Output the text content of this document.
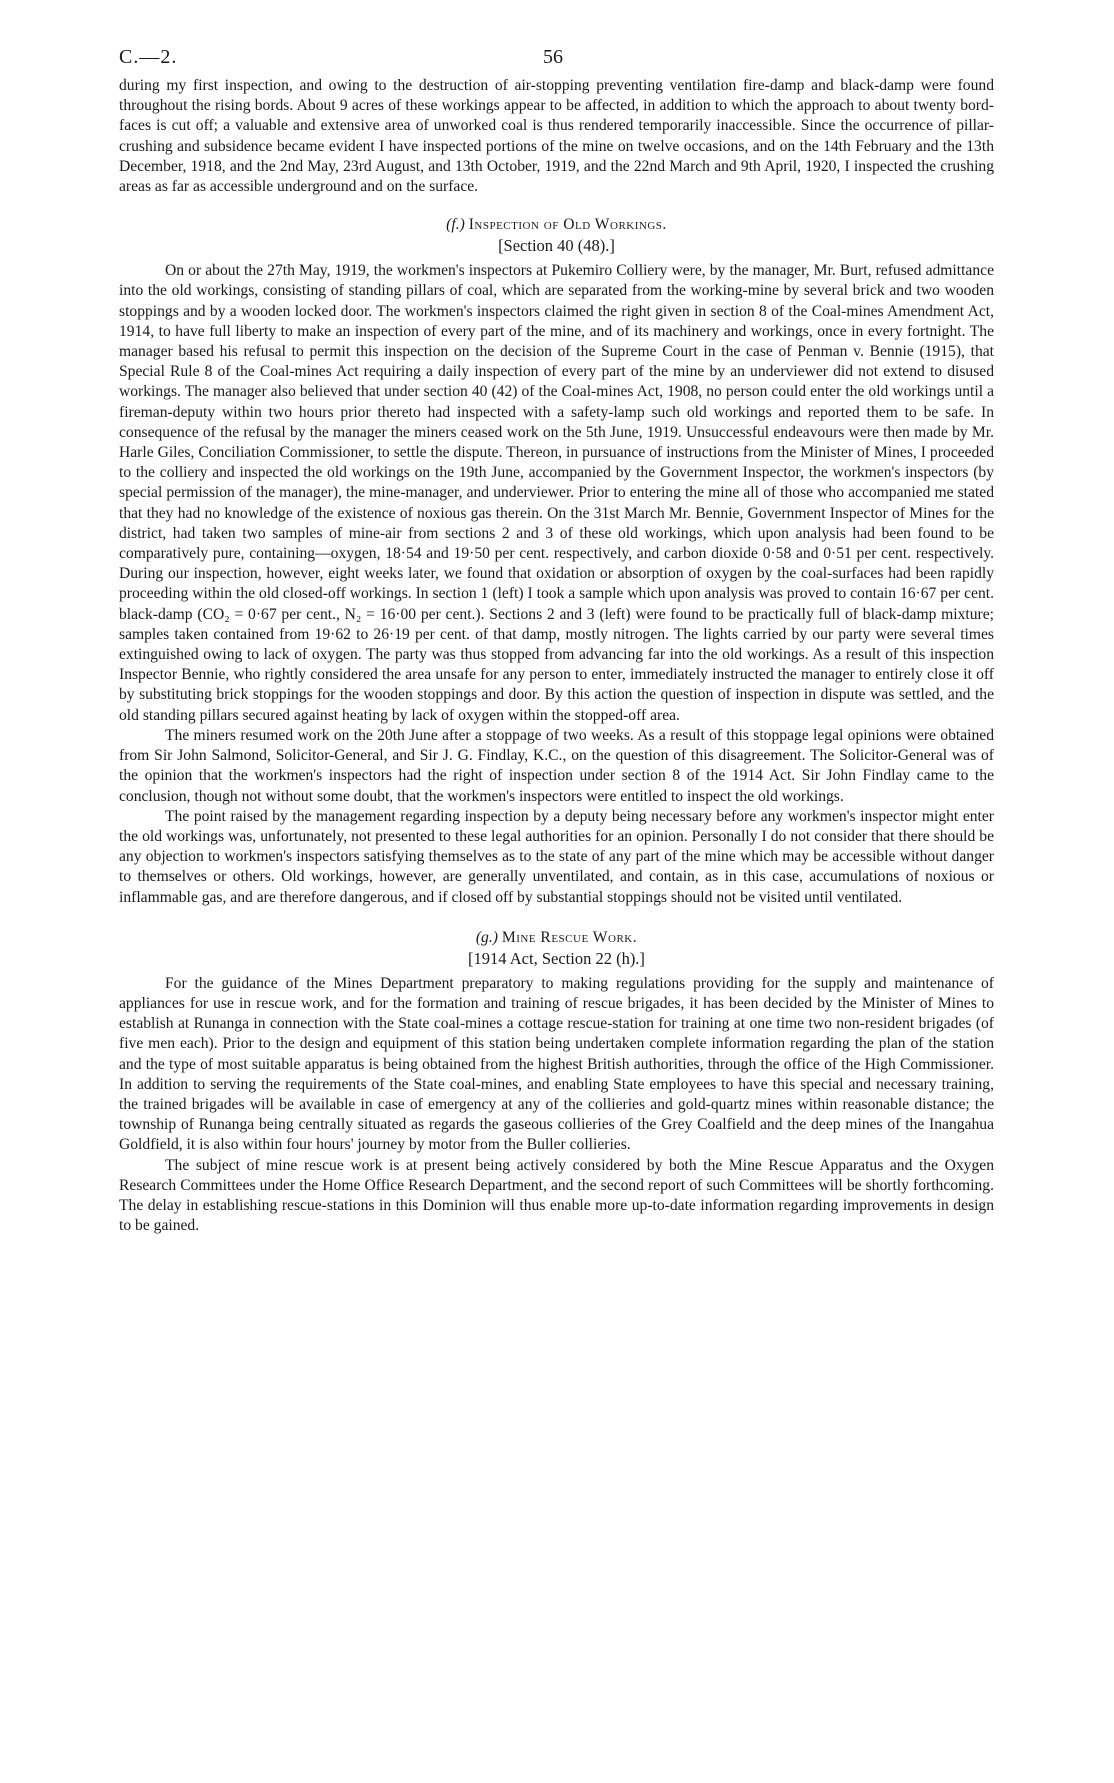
C.—2.	56

during my first inspection, and owing to the destruction of air-stopping preventing ventilation fire-damp and black-damp were found throughout the rising bords. About 9 acres of these workings appear to be affected, in addition to which the approach to about twenty bord-faces is cut off; a valuable and extensive area of unworked coal is thus rendered temporarily inaccessible. Since the occurrence of pillar-crushing and subsidence became evident I have inspected portions of the mine on twelve occasions, and on the 14th February and the 13th December, 1918, and the 2nd May, 23rd August, and 13th October, 1919, and the 22nd March and 9th April, 1920, I inspected the crushing areas as far as accessible underground and on the surface.

(f.) Inspection of Old Workings.
[Section 40 (48).]

On or about the 27th May, 1919, the workmen's inspectors at Pukemiro Colliery were, by the manager, Mr. Burt, refused admittance into the old workings, consisting of standing pillars of coal, which are separated from the working-mine by several brick and two wooden stoppings and by a wooden locked door. The workmen's inspectors claimed the right given in section 8 of the Coal-mines Amendment Act, 1914, to have full liberty to make an inspection of every part of the mine, and of its machinery and workings, once in every fortnight. The manager based his refusal to permit this inspection on the decision of the Supreme Court in the case of Penman v. Bennie (1915), that Special Rule 8 of the Coal-mines Act requiring a daily inspection of every part of the mine by an underviewer did not extend to disused workings. The manager also believed that under section 40 (42) of the Coal-mines Act, 1908, no person could enter the old workings until a fireman-deputy within two hours prior thereto had inspected with a safety-lamp such old workings and reported them to be safe. In consequence of the refusal by the manager the miners ceased work on the 5th June, 1919. Unsuccessful endeavours were then made by Mr. Harle Giles, Conciliation Commissioner, to settle the dispute. Thereon, in pursuance of instructions from the Minister of Mines, I proceeded to the colliery and inspected the old workings on the 19th June, accompanied by the Government Inspector, the workmen's inspectors (by special permission of the manager), the mine-manager, and underviewer. Prior to entering the mine all of those who accompanied me stated that they had no knowledge of the existence of noxious gas therein. On the 31st March Mr. Bennie, Government Inspector of Mines for the district, had taken two samples of mine-air from sections 2 and 3 of these old workings, which upon analysis had been found to be comparatively pure, containing—oxygen, 18·54 and 19·50 per cent. respectively, and carbon dioxide 0·58 and 0·51 per cent. respectively. During our inspection, however, eight weeks later, we found that oxidation or absorption of oxygen by the coal-surfaces had been rapidly proceeding within the old closed-off workings. In section 1 (left) I took a sample which upon analysis was proved to contain 16·67 per cent. black-damp (CO₂ = 0·67 per cent., N₂ = 16·00 per cent.). Sections 2 and 3 (left) were found to be practically full of black-damp mixture; samples taken contained from 19·62 to 26·19 per cent. of that damp, mostly nitrogen. The lights carried by our party were several times extinguished owing to lack of oxygen. The party was thus stopped from advancing far into the old workings. As a result of this inspection Inspector Bennie, who rightly considered the area unsafe for any person to enter, immediately instructed the manager to entirely close it off by substituting brick stoppings for the wooden stoppings and door. By this action the question of inspection in dispute was settled, and the old standing pillars secured against heating by lack of oxygen within the stopped-off area.

The miners resumed work on the 20th June after a stoppage of two weeks. As a result of this stoppage legal opinions were obtained from Sir John Salmond, Solicitor-General, and Sir J. G. Findlay, K.C., on the question of this disagreement. The Solicitor-General was of the opinion that the workmen's inspectors had the right of inspection under section 8 of the 1914 Act. Sir John Findlay came to the conclusion, though not without some doubt, that the workmen's inspectors were entitled to inspect the old workings.

The point raised by the management regarding inspection by a deputy being necessary before any workmen's inspector might enter the old workings was, unfortunately, not presented to these legal authorities for an opinion. Personally I do not consider that there should be any objection to workmen's inspectors satisfying themselves as to the state of any part of the mine which may be accessible without danger to themselves or others. Old workings, however, are generally unventilated, and contain, as in this case, accumulations of noxious or inflammable gas, and are therefore dangerous, and if closed off by substantial stoppings should not be visited until ventilated.

(g.) Mine Rescue Work.
[1914 Act, Section 22 (h).]

For the guidance of the Mines Department preparatory to making regulations providing for the supply and maintenance of appliances for use in rescue work, and for the formation and training of rescue brigades, it has been decided by the Minister of Mines to establish at Runanga in connection with the State coal-mines a cottage rescue-station for training at one time two non-resident brigades (of five men each). Prior to the design and equipment of this station being undertaken complete information regarding the plan of the station and the type of most suitable apparatus is being obtained from the highest British authorities, through the office of the High Commissioner. In addition to serving the requirements of the State coal-mines, and enabling State employees to have this special and necessary training, the trained brigades will be available in case of emergency at any of the collieries and gold-quartz mines within reasonable distance; the township of Runanga being centrally situated as regards the gaseous collieries of the Grey Coalfield and the deep mines of the Inangahua Goldfield, it is also within four hours' journey by motor from the Buller collieries.

The subject of mine rescue work is at present being actively considered by both the Mine Rescue Apparatus and the Oxygen Research Committees under the Home Office Research Department, and the second report of such Committees will be shortly forthcoming. The delay in establishing rescue-stations in this Dominion will thus enable more up-to-date information regarding improvements in design to be gained.
